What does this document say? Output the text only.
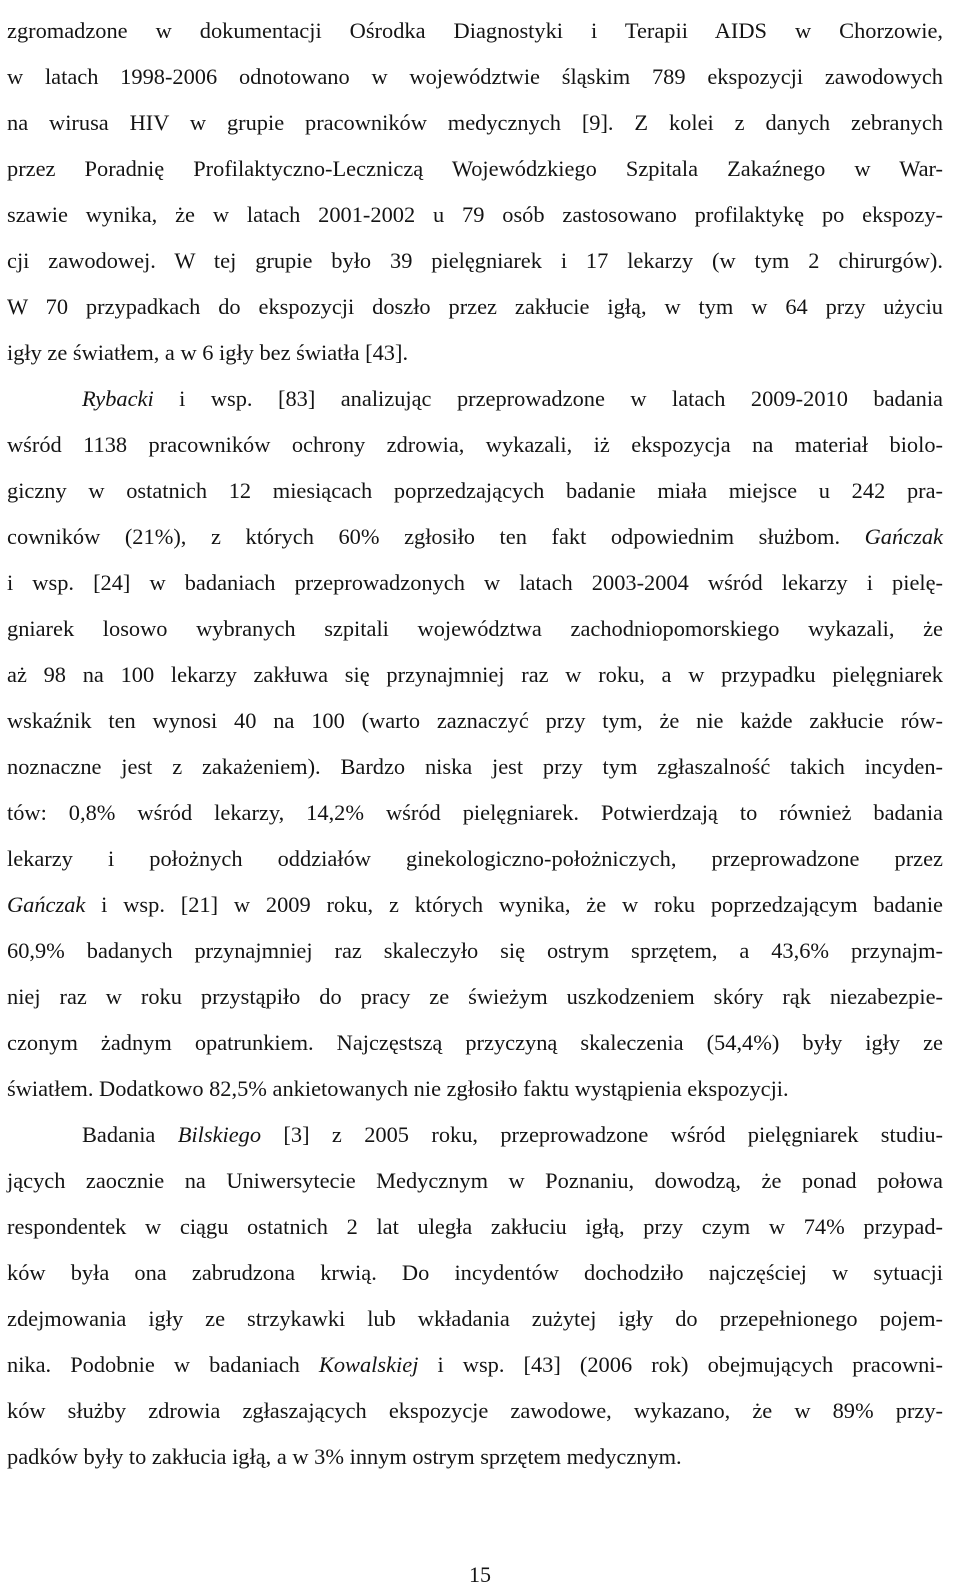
zgromadzone w dokumentacji Ośrodka Diagnostyki i Terapii AIDS w Chorzowie,
w latach 1998-2006 odnotowano w województwie śląskim 789 ekspozycji zawodowych
na wirusa HIV w grupie pracowników medycznych [9]. Z kolei z danych zebranych
przez Poradnię Profilaktyczno-Leczniczą Wojewódzkiego Szpitala Zakaźnego w War-
szawie wynika, że w latach 2001-2002 u 79 osób zastosowano profilaktykę po ekspozy-
cji zawodowej. W tej grupie było 39 pielęgniarek i 17 lekarzy (w tym 2 chirurgów).
W 70 przypadkach do ekspozycji doszło przez zakłucie igłą, w tym w 64 przy użyciu
igły ze światłem, a w 6 igły bez światła [43].
Rybacki i wsp. [83] analizując przeprowadzone w latach 2009-2010 badania
wśród 1138 pracowników ochrony zdrowia, wykazali, iż ekspozycja na materiał biolo-
giczny w ostatnich 12 miesiącach poprzedzających badanie miała miejsce u 242 pra-
cowników (21%), z których 60% zgłosiło ten fakt odpowiednim służbom. Gańczak
i wsp. [24] w badaniach przeprowadzonych w latach 2003-2004 wśród lekarzy i pielę-
gniarek losowo wybranych szpitali województwa zachodniopomorskiego wykazali, że
aż 98 na 100 lekarzy zakłuwa się przynajmniej raz w roku, a w przypadku pielęgniarek
wskaźnik ten wynosi 40 na 100 (warto zaznaczyć przy tym, że nie każde zakłucie rów-
noznaczne jest z zakażeniem). Bardzo niska jest przy tym zgłaszalność takich incyden-
tów: 0,8% wśród lekarzy, 14,2% wśród pielęgniarek. Potwierdzają to również badania
lekarzy i położnych oddziałów ginekologiczno-położniczych, przeprowadzone przez
Gańczak i wsp. [21] w 2009 roku, z których wynika, że w roku poprzedzającym badanie
60,9% badanych przynajmniej raz skaleczyło się ostrym sprzętem, a 43,6% przynajm-
niej raz w roku przystąpiło do pracy ze świeżym uszkodzeniem skóry rąk niezabezpie-
czonym żadnym opatrunkiem. Najczęstszą przyczyną skaleczenia (54,4%) były igły ze
światłem. Dodatkowo 82,5% ankietowanych nie zgłosiło faktu wystąpienia ekspozycji.
Badania Bilskiego [3] z 2005 roku, przeprowadzone wśród pielęgniarek studiu-
jących zaocznie na Uniwersytecie Medycznym w Poznaniu, dowodzą, że ponad połowa
respondentek w ciągu ostatnich 2 lat uległa zakłuciu igłą, przy czym w 74% przypad-
ków była ona zabrudzona krwią. Do incydentów dochodziło najczęściej w sytuacji
zdejmowania igły ze strzykawki lub wkładania zużytej igły do przepełnionego pojem-
nika. Podobnie w badaniach Kowalskiej i wsp. [43] (2006 rok) obejmujących pracowni-
ków służby zdrowia zgłaszających ekspozycje zawodowe, wykazano, że w 89% przy-
padków były to zakłucia igłą, a w 3% innym ostrym sprzętem medycznym.
15
